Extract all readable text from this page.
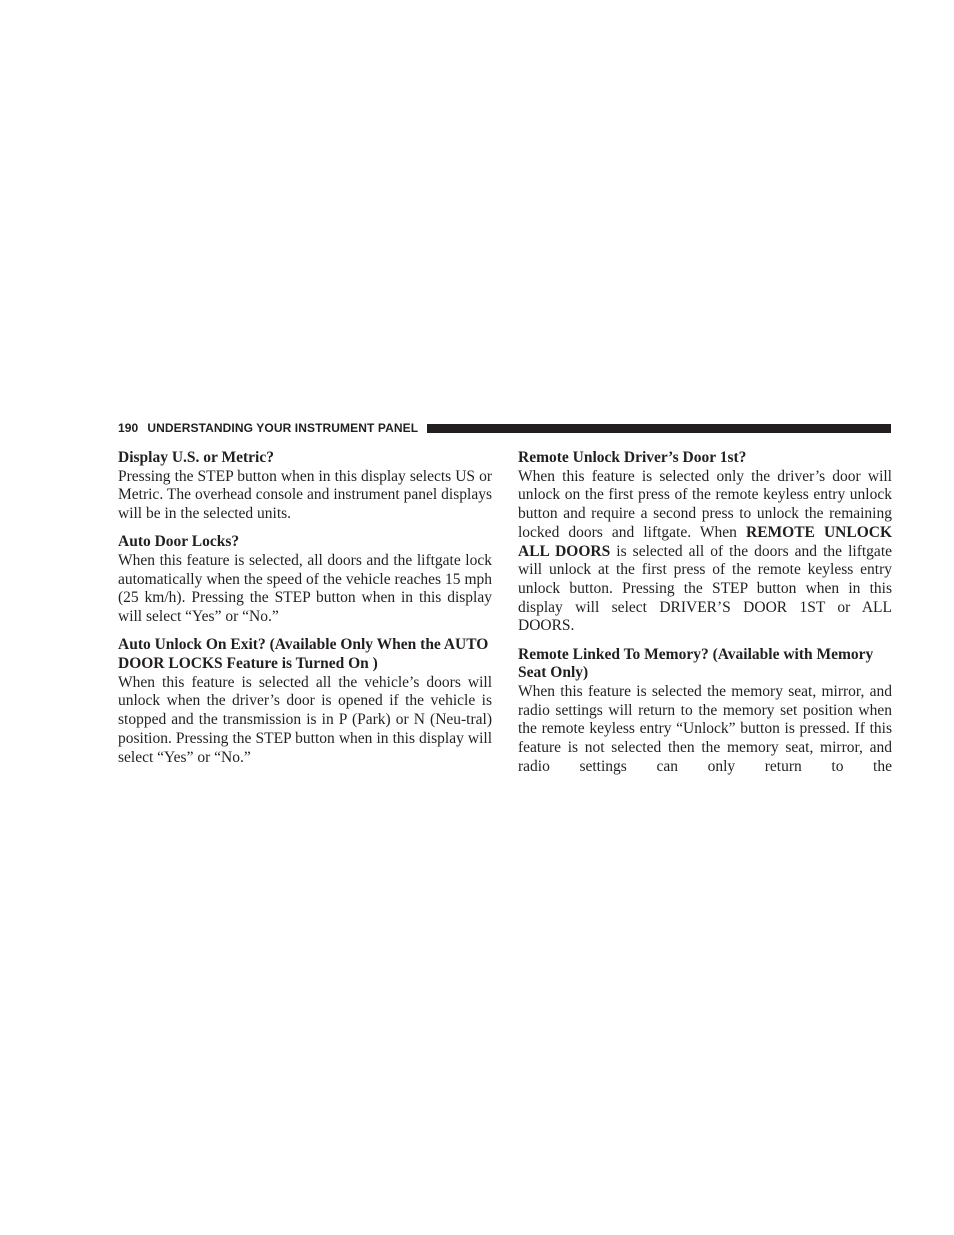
190 UNDERSTANDING YOUR INSTRUMENT PANEL

Display U.S. or Metric?

Pressing the STEP button when in this display selects US or Metric. The overhead console and instrument panel displays will be in the selected units.

Auto Door Locks?

When this feature is selected, all doors and the liftgate lock automatically when the speed of the vehicle reaches 15 mph (25 km/h). Pressing the STEP button when in this display will select “Yes” or “No.”

Auto Unlock On Exit? (Available Only When the AUTO DOOR LOCKS Feature is Turned On )

When this feature is selected all the vehicle’s doors will unlock when the driver’s door is opened if the vehicle is stopped and the transmission is in P (Park) or N (Neu-tral) position. Pressing the STEP button when in this display will select “Yes” or “No.”

Remote Unlock Driver’s Door 1st?

When this feature is selected only the driver’s door will unlock on the first press of the remote keyless entry unlock button and require a second press to unlock the remaining locked doors and liftgate. When REMOTE UNLOCK ALL DOORS is selected all of the doors and the liftgate will unlock at the first press of the remote keyless entry unlock button. Pressing the STEP button when in this display will select DRIVER’S DOOR 1ST or ALL DOORS.

Remote Linked To Memory? (Available with Memory Seat Only)

When this feature is selected the memory seat, mirror, and radio settings will return to the memory set position when the remote keyless entry “Unlock” button is pressed. If this feature is not selected then the memory seat, mirror, and radio settings can only return to the
